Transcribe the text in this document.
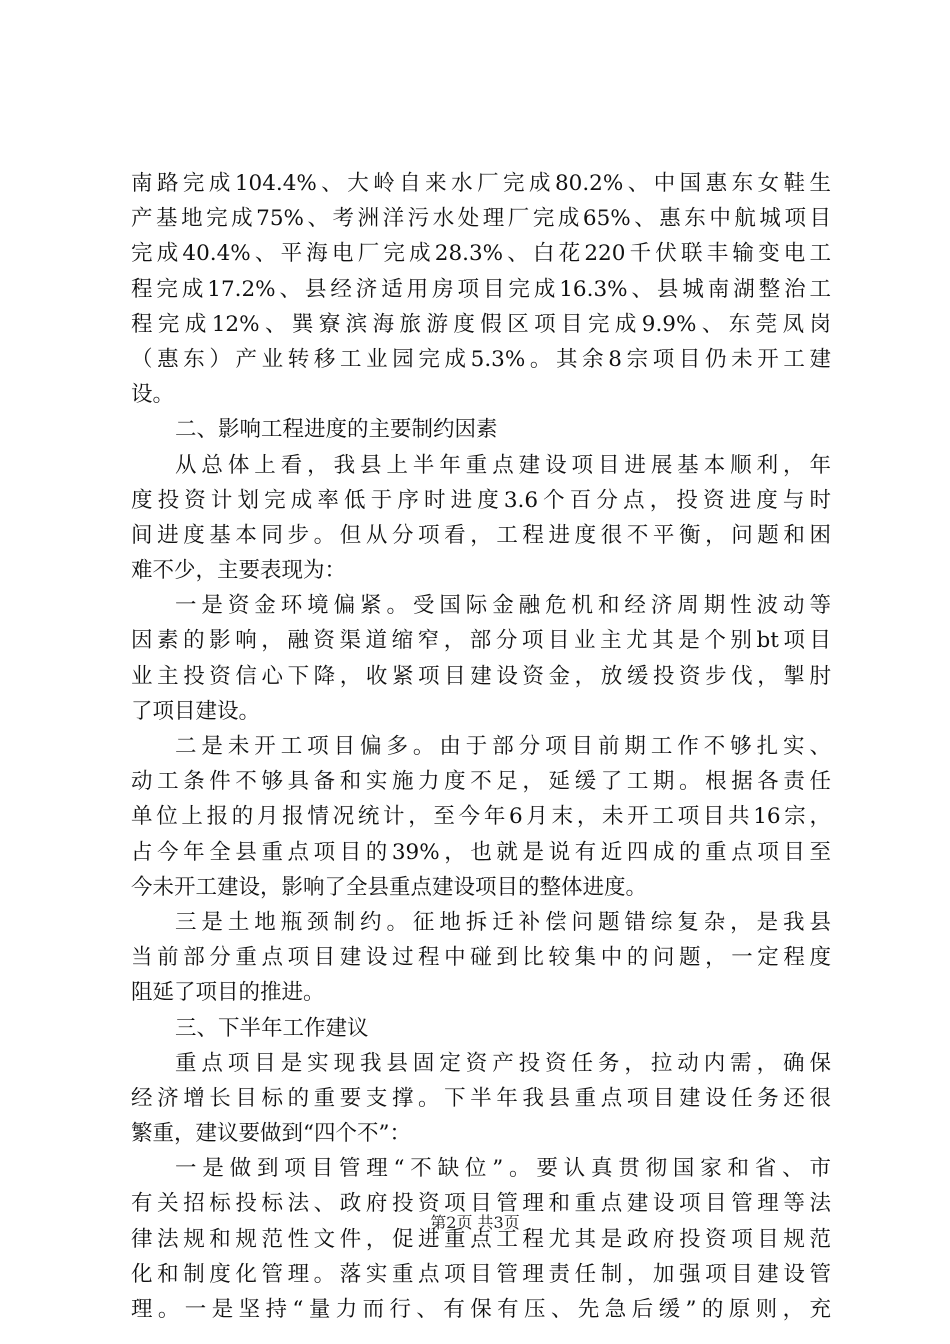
南路完成104.4%、大岭自来水厂完成80.2%、中国惠东女鞋生
产基地完成75%、考洲洋污水处理厂完成65%、惠东中航城项目
完成40.4%、平海电厂完成28.3%、白花220千伏联丰输变电工
程完成17.2%、县经济适用房项目完成16.3%、县城南湖整治工
程完成12%、巽寮滨海旅游度假区项目完成9.9%、东莞凤岗
（惠东）产业转移工业园完成5.3%。其余8宗项目仍未开工建
设。
二、影响工程进度的主要制约因素
从总体上看，我县上半年重点建设项目进展基本顺利，年
度投资计划完成率低于序时进度3.6个百分点，投资进度与时
间进度基本同步。但从分项看，工程进度很不平衡，问题和困
难不少，主要表现为：
一是资金环境偏紧。受国际金融危机和经济周期性波动等
因素的影响，融资渠道缩窄，部分项目业主尤其是个别bt项目
业主投资信心下降，收紧项目建设资金，放缓投资步伐，掣肘
了项目建设。
二是未开工项目偏多。由于部分项目前期工作不够扎实、
动工条件不够具备和实施力度不足，延缓了工期。根据各责任
单位上报的月报情况统计，至今年6月末，未开工项目共16宗，
占今年全县重点项目的39%，也就是说有近四成的重点项目至
今未开工建设，影响了全县重点建设项目的整体进度。
三是土地瓶颈制约。征地拆迁补偿问题错综复杂，是我县
当前部分重点项目建设过程中碰到比较集中的问题，一定程度
阻延了项目的推进。
三、下半年工作建议
重点项目是实现我县固定资产投资任务，拉动内需，确保
经济增长目标的重要支撑。下半年我县重点项目建设任务还很
繁重，建议要做到“四个不”：
一是做到项目管理“不缺位”。要认真贯彻国家和省、市
有关招标投标法、政府投资项目管理和重点建设项目管理等法
律法规和规范性文件，促进重点工程尤其是政府投资项目规范
化和制度化管理。落实重点项目管理责任制，加强项目建设管
理。一是坚持“量力而行、有保有压、先急后缓”的原则，充
第2页 共3页
